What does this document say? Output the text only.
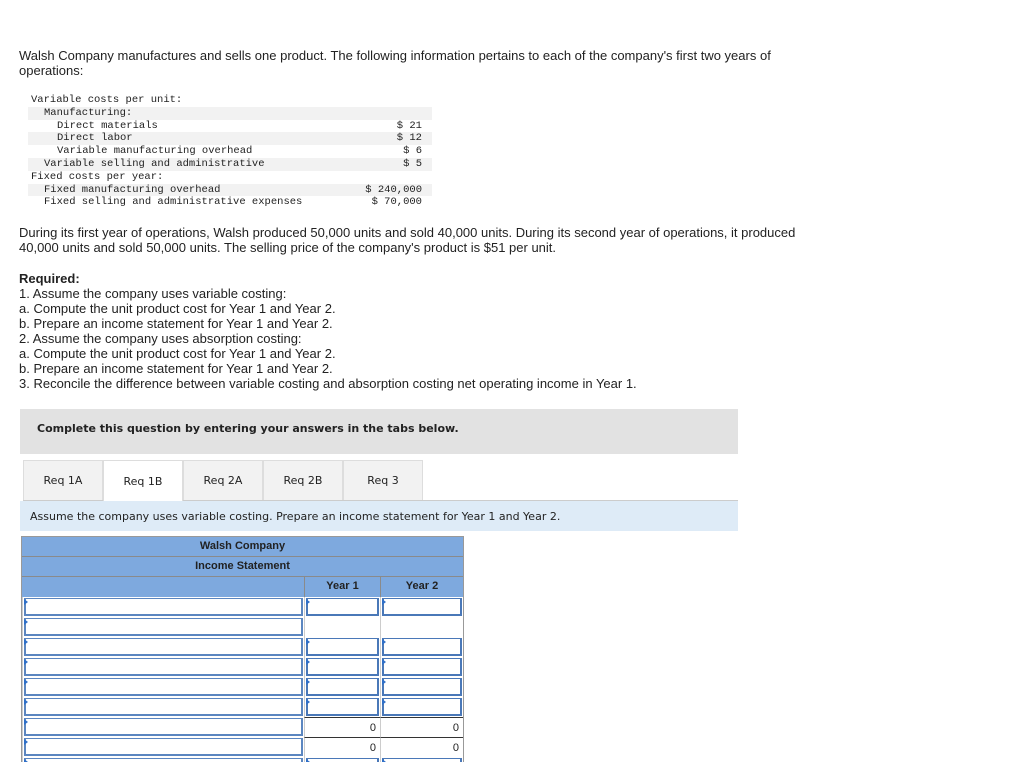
Walsh Company manufactures and sells one product. The following information pertains to each of the company's first two years of operations:
Variable costs per unit:
Manufacturing:
Direct materials	$ 21
Direct labor	$ 12
Variable manufacturing overhead	$ 6
Variable selling and administrative	$ 5
Fixed costs per year:
Fixed manufacturing overhead	$ 240,000
Fixed selling and administrative expenses	$ 70,000
During its first year of operations, Walsh produced 50,000 units and sold 40,000 units. During its second year of operations, it produced 40,000 units and sold 50,000 units. The selling price of the company's product is $51 per unit.
Required:
1. Assume the company uses variable costing:
a. Compute the unit product cost for Year 1 and Year 2.
b. Prepare an income statement for Year 1 and Year 2.
2. Assume the company uses absorption costing:
a. Compute the unit product cost for Year 1 and Year 2.
b. Prepare an income statement for Year 1 and Year 2.
3. Reconcile the difference between variable costing and absorption costing net operating income in Year 1.
Complete this question by entering your answers in the tabs below.
Req 1A	Req 1B	Req 2A	Req 2B	Req 3
Assume the company uses variable costing. Prepare an income statement for Year 1 and Year 2.
Walsh Company
Income Statement
Year 1	Year 2
0	0
0	0
